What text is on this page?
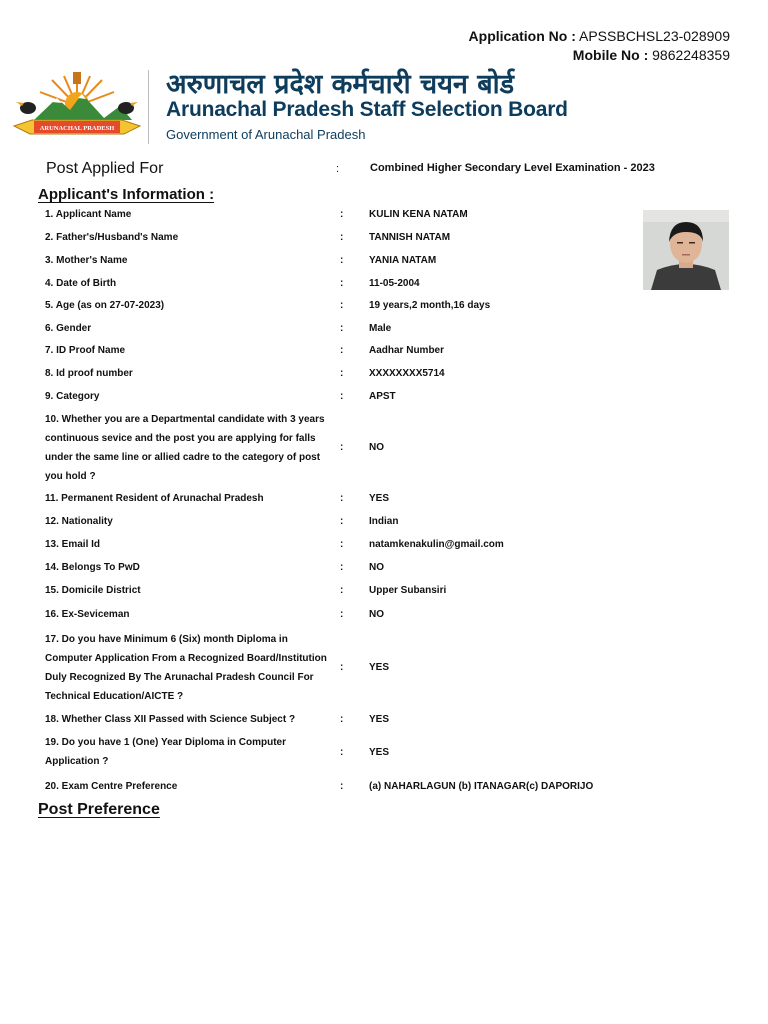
Application No : APSSBCHSL23-028909
Mobile No : 9862248359
ARUNACHAL PRADESH
अरुणाचल प्रदेश कर्मचारी चयन बोर्ड
Arunachal Pradesh Staff Selection Board
Government of Arunachal Pradesh
Post Applied For	:	Combined Higher Secondary Level Examination - 2023
Applicant's Information :
1. Applicant Name	:	KULIN KENA NATAM
2. Father's/Husband's Name	:	TANNISH NATAM
3. Mother's Name	:	YANIA NATAM
4. Date of Birth	:	11-05-2004
5. Age (as on 27-07-2023)	:	19 years,2 month,16 days
6. Gender	:	Male
7. ID Proof Name	:	Aadhar Number
8. Id proof number	:	XXXXXXXX5714
9. Category	:	APST
10. Whether you are a Departmental candidate with 3 years continuous sevice and the post you are applying for falls under the same line or allied cadre to the category of post you hold ?
:	NO
11. Permanent Resident of Arunachal Pradesh	:	YES
12. Nationality	:	Indian
13. Email Id	:	natamkenakulin@gmail.com
14. Belongs To PwD	:	NO
15. Domicile District	:	Upper Subansiri
16. Ex-Seviceman	:	NO
17. Do you have Minimum 6 (Six) month Diploma in Computer Application From a Recognized Board/Institution Duly Recognized By The Arunachal Pradesh Council For Technical Education/AICTE ?
:	YES
18. Whether Class XII Passed with Science Subject ?	:	YES
19. Do you have 1 (One) Year Diploma in Computer Application ?
:	YES
20. Exam Centre Preference	:	(a) NAHARLAGUN (b) ITANAGAR(c) DAPORIJO
Post Preference
